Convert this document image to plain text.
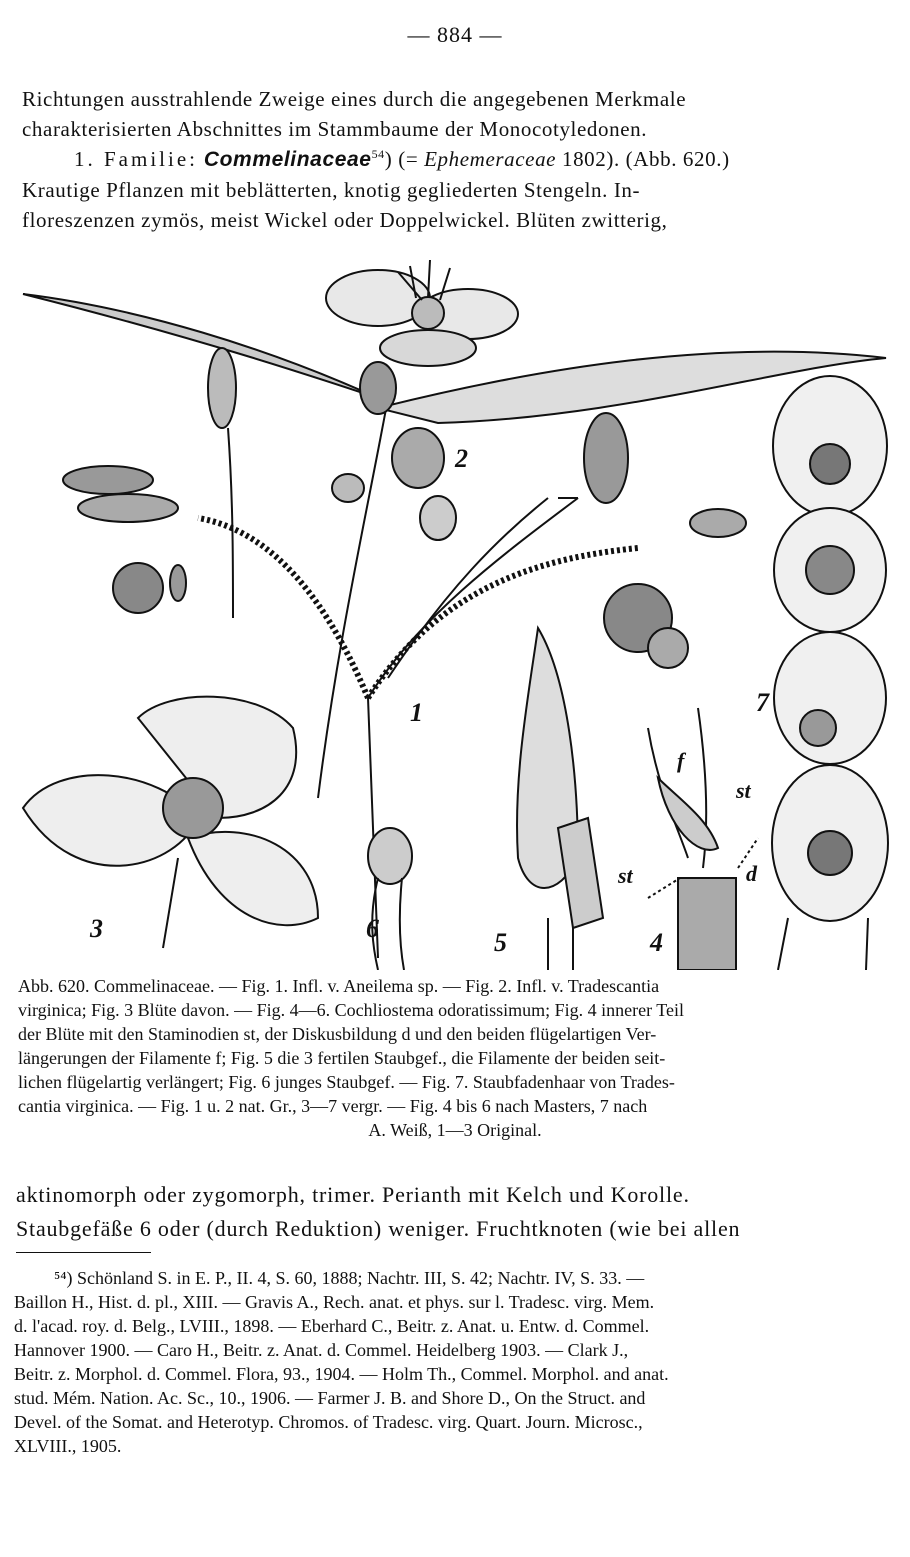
— 884 —
Richtungen ausstrahlende Zweige eines durch die angegebenen Merkmale
charakterisierten Abschnittes im Stammbaume der Monocotyledonen.
1. Familie: Commelinaceae$^{54}$) (= Ephemeraceae 1802). (Abb. 620.)
Krautige Pflanzen mit beblätterten, knotig gegliederten Stengeln. In-
floreszenzen zymös, meist Wickel oder Doppelwickel. Blüten zwitterig,
2
1	7
3	6	5	4
f
st
st	d
Abb. 620. Commelinaceae. — Fig. 1. Infl. v. Aneilema sp. — Fig. 2. Infl. v. Tradescantia
virginica; Fig. 3 Blüte davon. — Fig. 4—6. Cochliostema odoratissimum; Fig. 4 innerer Teil
der Blüte mit den Staminodien st, der Diskusbildung d und den beiden flügelartigen Ver-
längerungen der Filamente f; Fig. 5 die 3 fertilen Staubgef., die Filamente der beiden seit-
lichen flügelartig verlängert; Fig. 6 junges Staubgef. — Fig. 7. Staubfadenhaar von Trades-
cantia virginica. — Fig. 1 u. 2 nat. Gr., 3—7 vergr. — Fig. 4 bis 6 nach Masters, 7 nach
A. Weiß, 1—3 Original.
aktinomorph oder zygomorph, trimer. Perianth mit Kelch und Korolle.
Staubgefäße 6 oder (durch Reduktion) weniger. Fruchtknoten (wie bei allen
⁵⁴) Schönland S. in E. P., II. 4, S. 60, 1888; Nachtr. III, S. 42; Nachtr. IV, S. 33. —
Baillon H., Hist. d. pl., XIII. — Gravis A., Rech. anat. et phys. sur l. Tradesc. virg. Mem.
d. l'acad. roy. d. Belg., LVIII., 1898. — Eberhard C., Beitr. z. Anat. u. Entw. d. Commel.
Hannover 1900. — Caro H., Beitr. z. Anat. d. Commel. Heidelberg 1903. — Clark J.,
Beitr. z. Morphol. d. Commel. Flora, 93., 1904. — Holm Th., Commel. Morphol. and anat.
stud. Mém. Nation. Ac. Sc., 10., 1906. — Farmer J. B. and Shore D., On the Struct. and
Devel. of the Somat. and Heterotyp. Chromos. of Tradesc. virg. Quart. Journ. Microsc.,
XLVIII., 1905.
